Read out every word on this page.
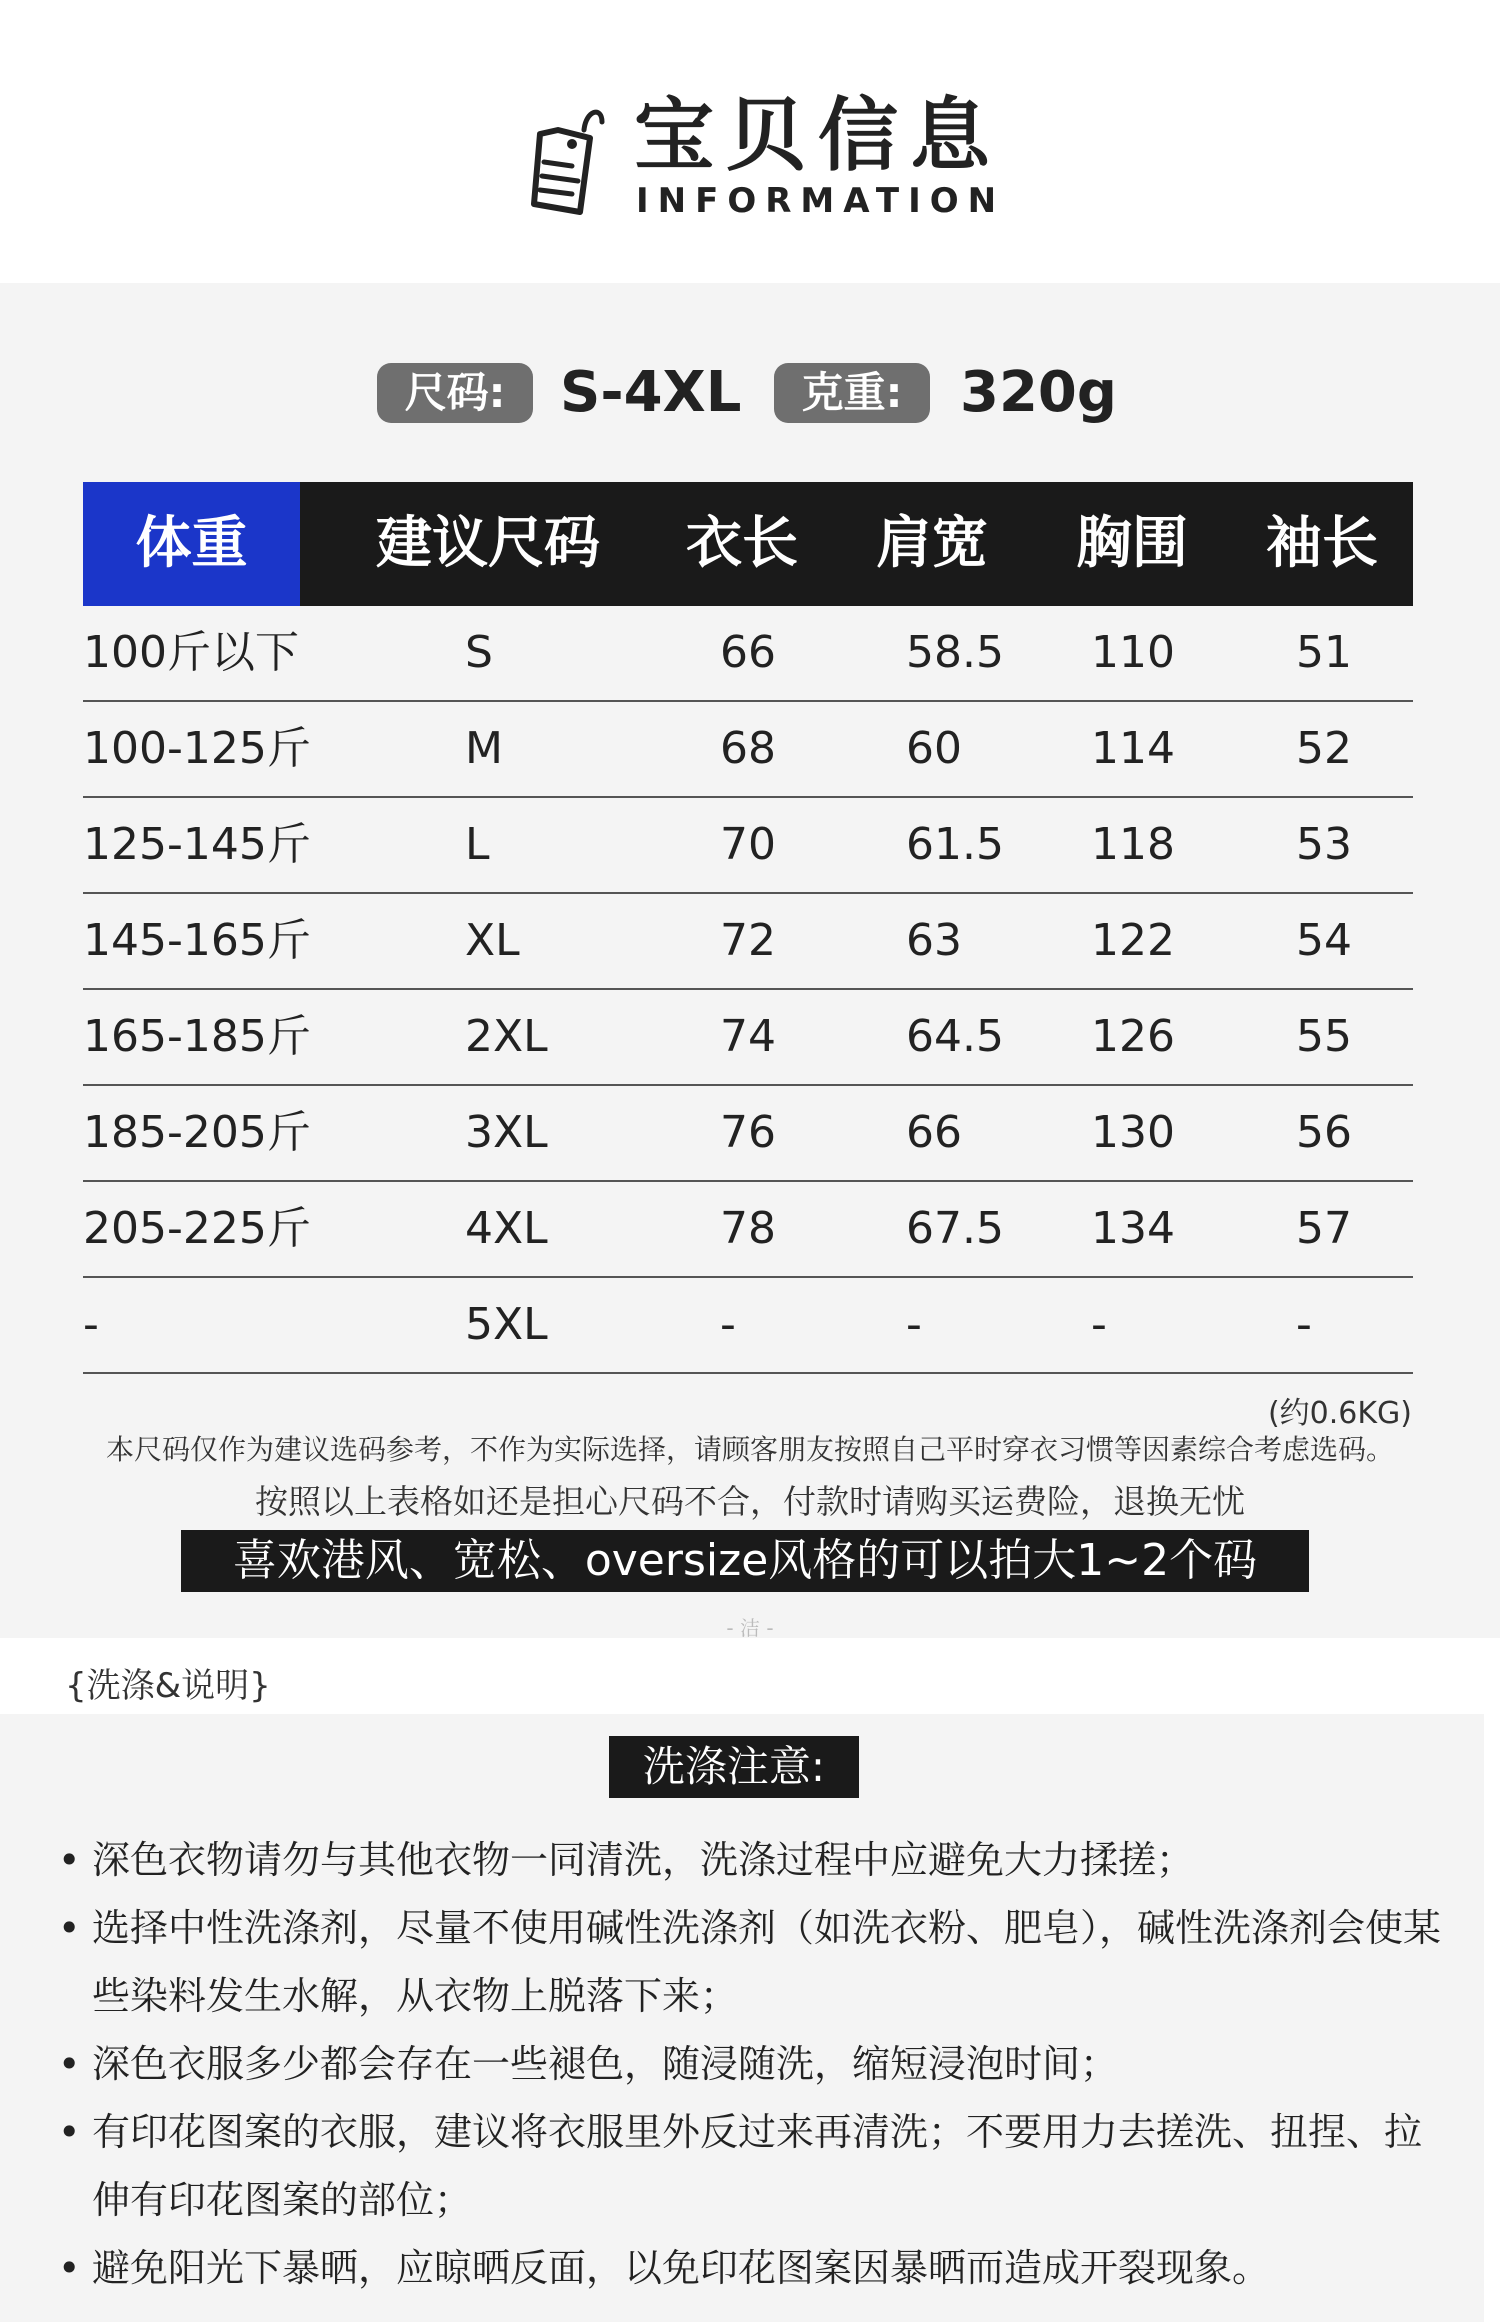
宝贝信息
INFORMATION
尺码: S-4XL	克重:	320g
体重	建议尺码 衣长 肩宽 胸围 袖长
100斤以下	S	66	58.5 110	51
100-125斤	M	68	60	114	52
125-145斤	L	70	61.5 118	53
145-165斤	XL	72	63	122	54
165-185斤	2XL	74	64.5 126	55
185-205斤	3XL	76	66	130	56
205-225斤	4XL	78	67.5 134	57
-	5XL	-	-	-	-
(约0.6KG)
本尺码仅作为建议选码参考，不作为实际选择，请顾客朋友按照自己平时穿衣习惯等因素综合考虑选码。
按照以上表格如还是担心尺码不合，付款时请购买运费险，退换无忧
喜欢港风、宽松、oversize风格的可以拍大1~2个码
- 洁 -
{洗涤&说明}
洗涤注意:
• 深色衣物请勿与其他衣物一同清洗，洗涤过程中应避免大力揉搓；
• 选择中性洗涤剂，尽量不使用碱性洗涤剂（如洗衣粉、肥皂），碱性洗涤剂会使某些染料发生水解，从衣物上脱落下来；
• 深色衣服多少都会存在一些褪色，随浸随洗，缩短浸泡时间；
• 有印花图案的衣服，建议将衣服里外反过来再清洗；不要用力去搓洗、扭捏、拉伸有印花图案的部位；
• 避免阳光下暴晒，应晾晒反面，以免印花图案因暴晒而造成开裂现象。
